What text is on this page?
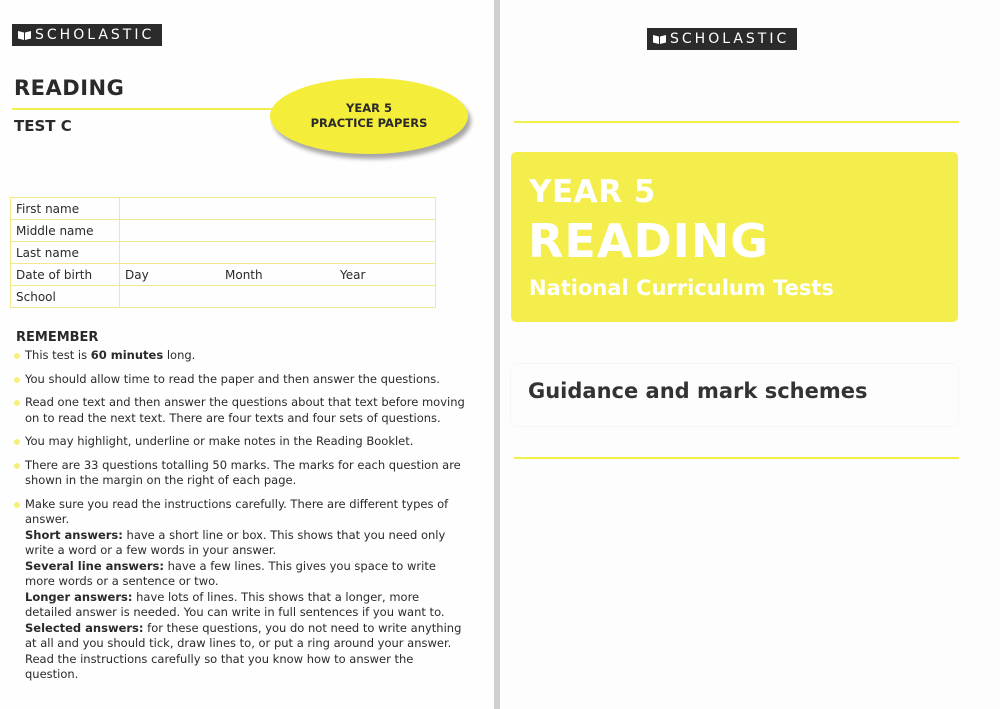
SCHOLASTIC
READING
TEST C
YEAR 5
PRACTICE PAPERS
First name	
Middle name	
Last name	
Date of birth	Day Month Year

School	
REMEMBER
This test is 60 minutes long.
You should allow time to read the paper and then answer the questions.
Read one text and then answer the questions about that text before moving on to read the next text. There are four texts and four sets of questions.
You may highlight, underline or make notes in the Reading Booklet.
There are 33 questions totalling 50 marks. The marks for each question are shown in the margin on the right of each page.
Make sure you read the instructions carefully. There are different types of answer.
Short answers: have a short line or box. This shows that you need only write a word or a few words in your answer.
Several line answers: have a few lines. This gives you space to write more words or a sentence or two.
Longer answers: have lots of lines. This shows that a longer, more detailed answer is needed. You can write in full sentences if you want to.
Selected answers: for these questions, you do not need to write anything at all and you should tick, draw lines to, or put a ring around your answer. Read the instructions carefully so that you know how to answer the question.
SCHOLASTIC
YEAR 5
READING
National Curriculum Tests
Guidance and mark schemes
